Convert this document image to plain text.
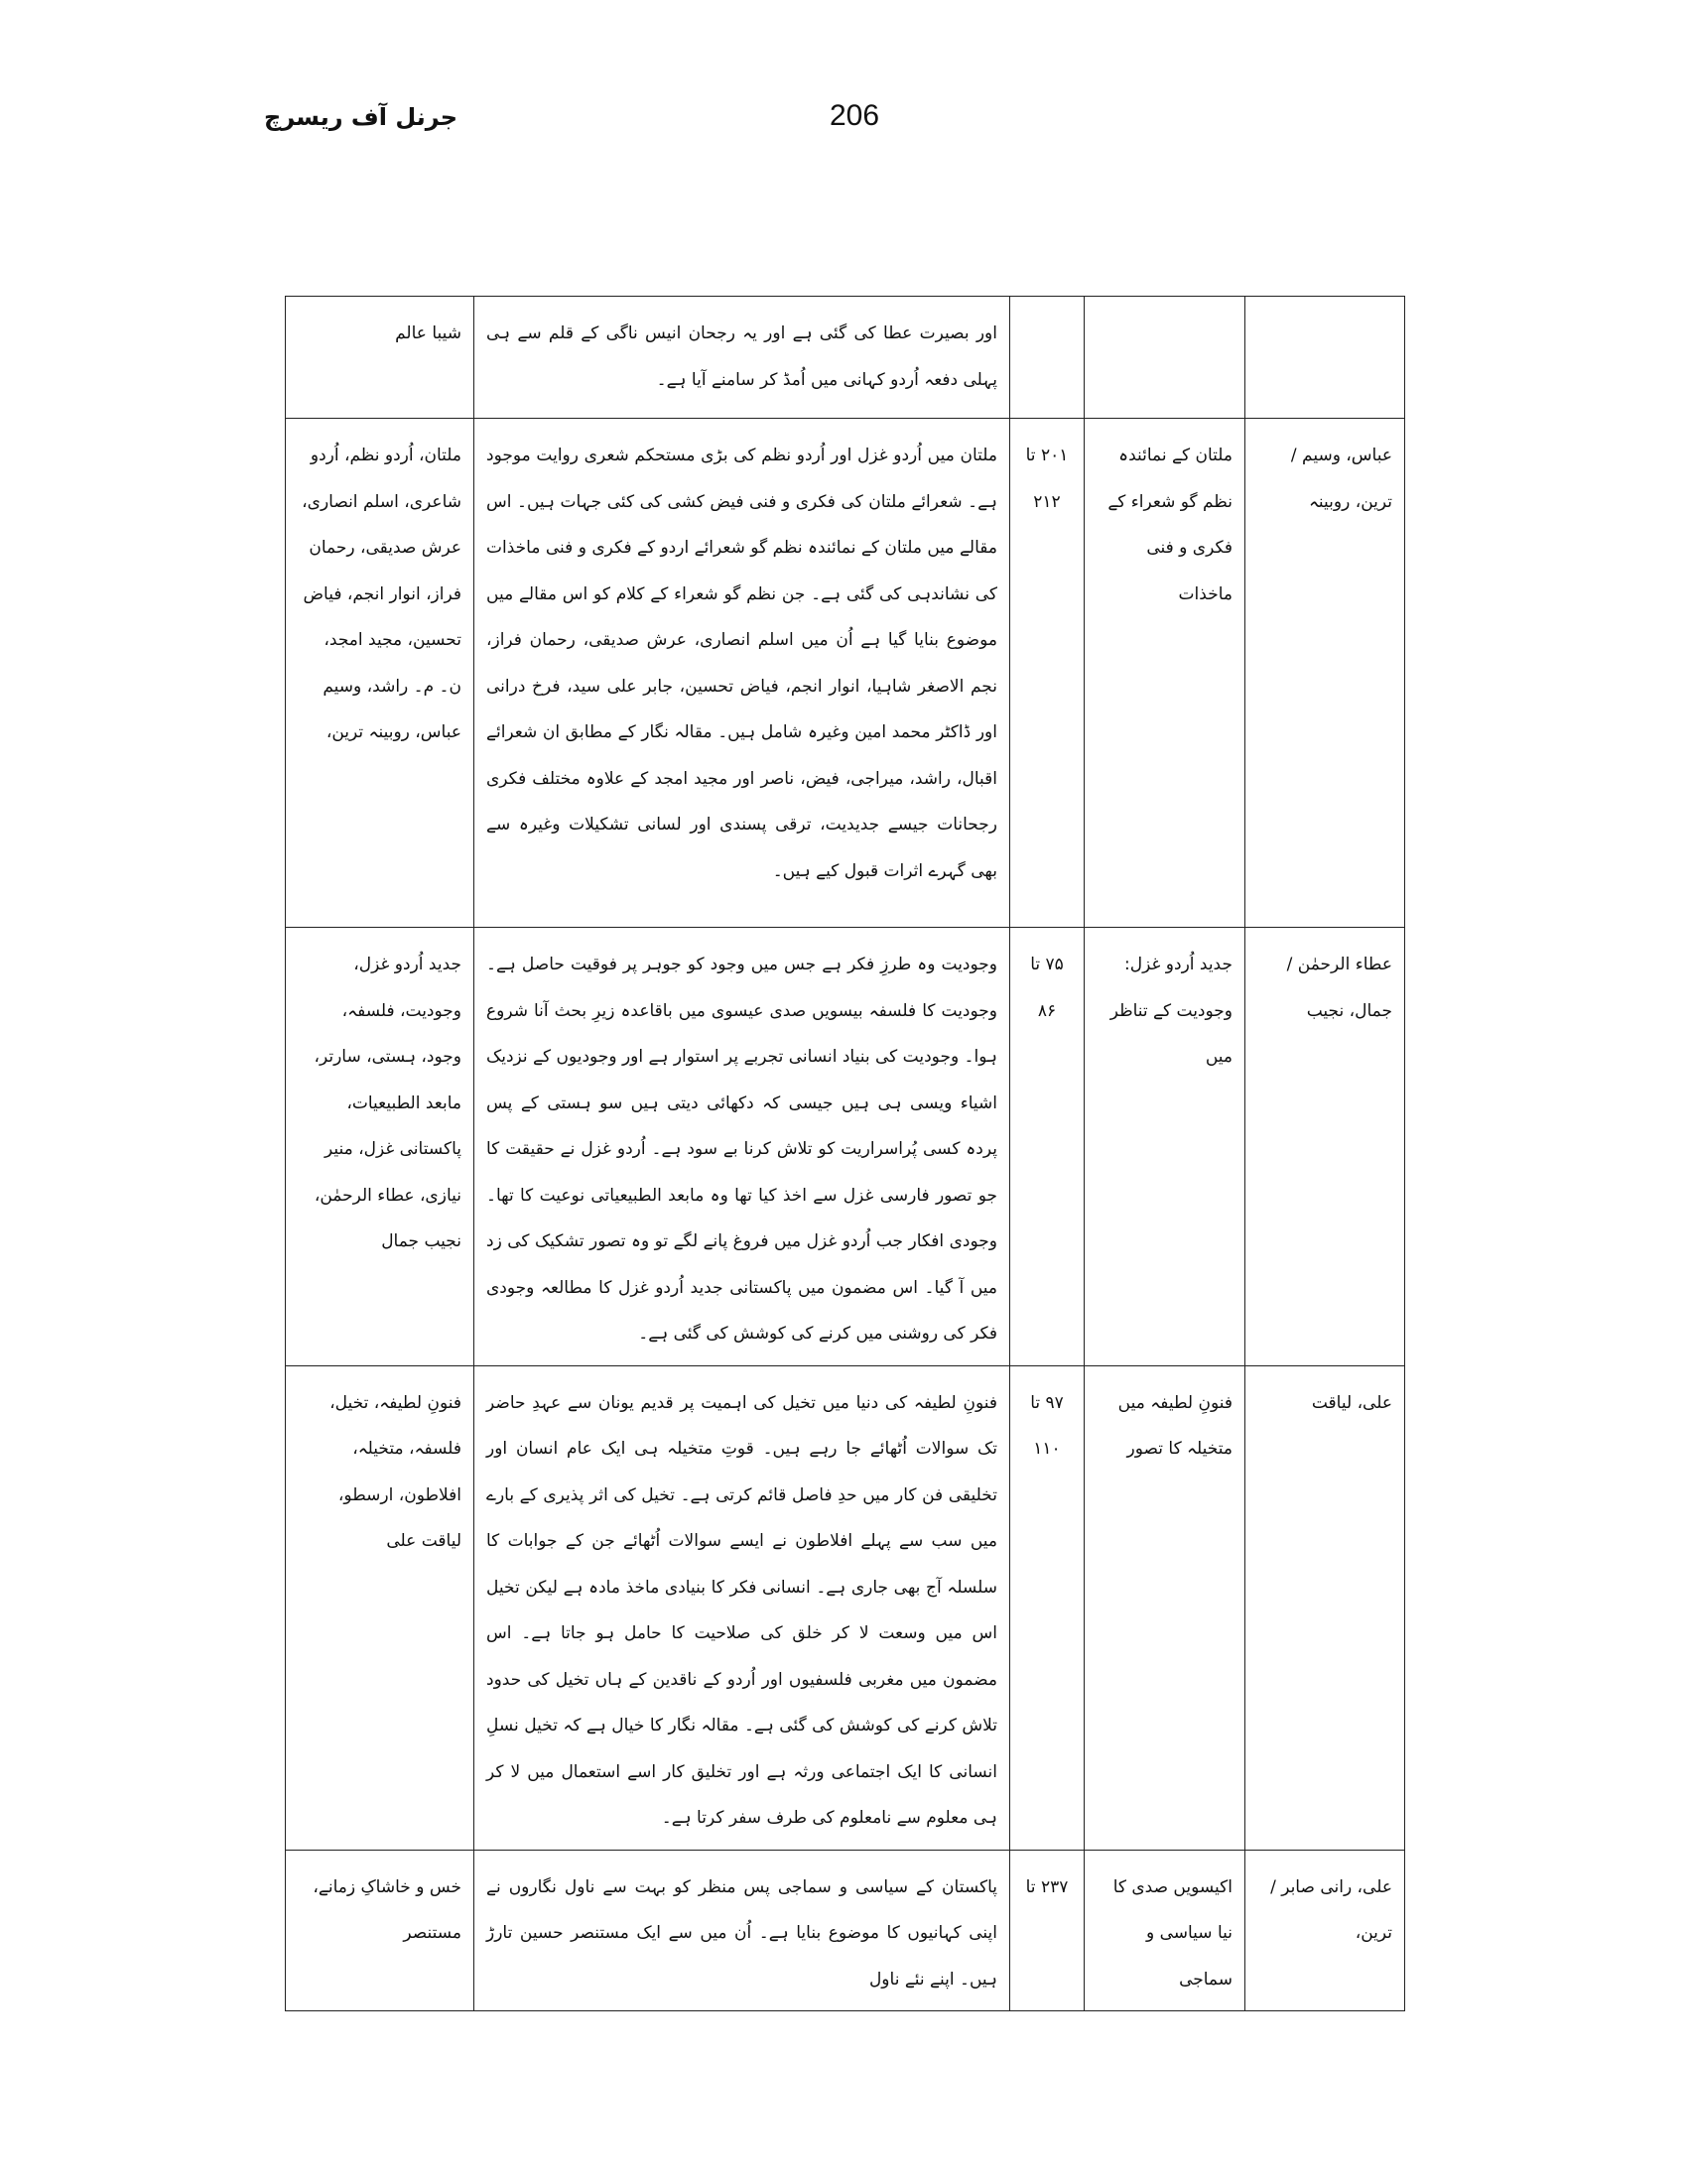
جرنل آف ریسرچ	206
			اور بصیرت عطا کی گئی ہے اور یہ رجحان انیس ناگی کے قلم سے ہی پہلی دفعہ اُردو کہانی میں اُمڈ کر سامنے آیا ہے۔	شیبا عالم
عباس، وسیم / ترین، روبینہ	ملتان کے نمائندہ نظم گو شعراء کے فکری و فنی ماخذات	۲۰۱ تا ۲۱۲	ملتان میں اُردو غزل اور اُردو نظم کی بڑی مستحکم شعری روایت موجود ہے۔ شعرائے ملتان کی فکری و فنی فیض کشی کی کئی جہات ہیں۔ اس مقالے میں ملتان کے نمائندہ نظم گو شعرائے اردو کے فکری و فنی ماخذات کی نشاندہی کی گئی ہے۔ جن نظم گو شعراء کے کلام کو اس مقالے میں موضوع بنایا گیا ہے اُن میں اسلم انصاری، عرش صدیقی، رحمان فراز، نجم الاصغر شاہیا، انوار انجم، فیاض تحسین، جابر علی سید، فرخ درانی اور ڈاکٹر محمد امین وغیرہ شامل ہیں۔ مقالہ نگار کے مطابق ان شعرائے اقبال، راشد، میراجی، فیض، ناصر اور مجید امجد کے علاوہ مختلف فکری رجحانات جیسے جدیدیت، ترقی پسندی اور لسانی تشکیلات وغیرہ سے بھی گہرے اثرات قبول کیے ہیں۔	ملتان، اُردو نظم، اُردو شاعری، اسلم انصاری، عرش صدیقی، رحمان فراز، انوار انجم، فیاض تحسین، مجید امجد، ن۔ م۔ راشد، وسیم عباس، روبینہ ترین،
عطاء الرحمٰن / جمال، نجیب	جدید اُردو غزل: وجودیت کے تناظر میں	۷۵ تا ۸۶	وجودیت وہ طرزِ فکر ہے جس میں وجود کو جوہر پر فوقیت حاصل ہے۔ وجودیت کا فلسفہ بیسویں صدی عیسوی میں باقاعدہ زیرِ بحث آنا شروع ہوا۔ وجودیت کی بنیاد انسانی تجربے پر استوار ہے اور وجودیوں کے نزدیک اشیاء ویسی ہی ہیں جیسی کہ دکھائی دیتی ہیں سو ہستی کے پس پردہ کسی پُراسراریت کو تلاش کرنا بے سود ہے۔ اُردو غزل نے حقیقت کا جو تصور فارسی غزل سے اخذ کیا تھا وہ مابعد الطبیعیاتی نوعیت کا تھا۔ وجودی افکار جب اُردو غزل میں فروغ پانے لگے تو وہ تصور تشکیک کی زد میں آ گیا۔ اس مضمون میں پاکستانی جدید اُردو غزل کا مطالعہ وجودی فکر کی روشنی میں کرنے کی کوشش کی گئی ہے۔	جدید اُردو غزل، وجودیت، فلسفہ، وجود، ہستی، سارتر، مابعد الطبیعیات، پاکستانی غزل، منیر نیازی، عطاء الرحمٰن، نجیب جمال
علی، لیاقت	فنونِ لطیفہ میں متخیلہ کا تصور	۹۷ تا ۱۱۰	فنونِ لطیفہ کی دنیا میں تخیل کی اہمیت پر قدیم یونان سے عہدِ حاضر تک سوالات اُٹھائے جا رہے ہیں۔ قوتِ متخیلہ ہی ایک عام انسان اور تخلیقی فن کار میں حدِ فاصل قائم کرتی ہے۔ تخیل کی اثر پذیری کے بارے میں سب سے پہلے افلاطون نے ایسے سوالات اُٹھائے جن کے جوابات کا سلسلہ آج بھی جاری ہے۔ انسانی فکر کا بنیادی ماخذ مادہ ہے لیکن تخیل اس میں وسعت لا کر خلق کی صلاحیت کا حامل ہو جاتا ہے۔ اس مضمون میں مغربی فلسفیوں اور اُردو کے ناقدین کے ہاں تخیل کی حدود تلاش کرنے کی کوشش کی گئی ہے۔ مقالہ نگار کا خیال ہے کہ تخیل نسلِ انسانی کا ایک اجتماعی ورثہ ہے اور تخلیق کار اسے استعمال میں لا کر ہی معلوم سے نامعلوم کی طرف سفر کرتا ہے۔	فنونِ لطیفہ، تخیل، فلسفہ، متخیلہ، افلاطون، ارسطو، لیاقت علی
علی، رانی صابر / ترین،	اکیسویں صدی کا نیا سیاسی و سماجی	۲۳۷ تا	پاکستان کے سیاسی و سماجی پس منظر کو بہت سے ناول نگاروں نے اپنی کہانیوں کا موضوع بنایا ہے۔ اُن میں سے ایک مستنصر حسین تارڑ ہیں۔ اپنے نئے ناول	خس و خاشاکِ زمانے، مستنصر
